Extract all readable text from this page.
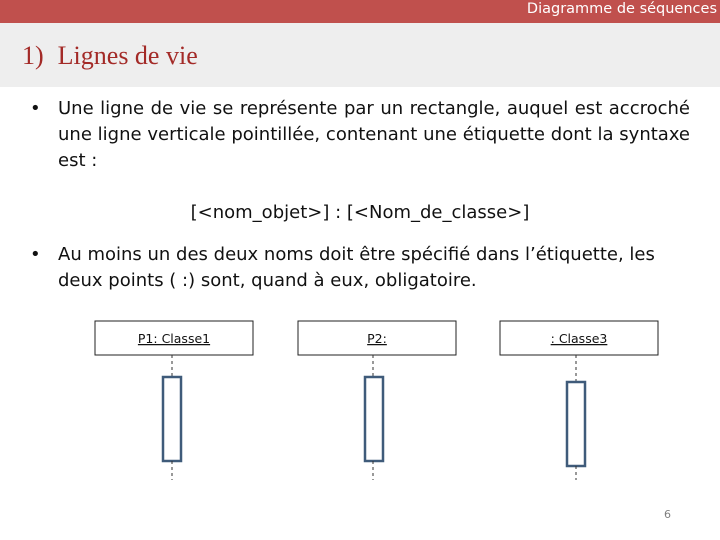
Diagramme de séquences
1) Lignes de vie
• Une ligne de vie se représente par un rectangle, auquel est accroché une ligne verticale pointillée, contenant une étiquette dont la syntaxe est :
[<nom_objet>] : [<Nom_de_classe>]
• Au moins un des deux noms doit être spécifié dans l’étiquette, les deux points ( :) sont, quand à eux, obligatoire.
P1: Classe1	P2:	: Classe3
6
